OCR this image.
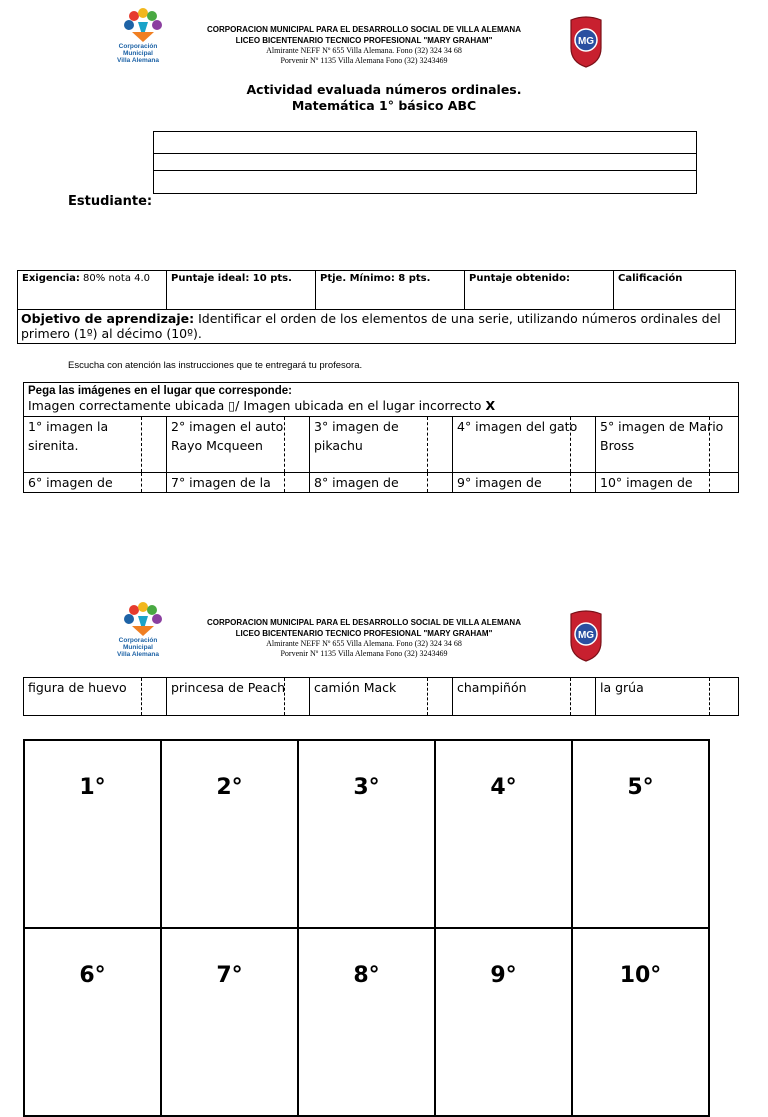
Corporación
Municipal
Villa Alemana
CORPORACION MUNICIPAL PARA EL DESARROLLO SOCIAL DE VILLA ALEMANA
LICEO BICENTENARIO TECNICO PROFESIONAL "MARY GRAHAM"
Almirante NEFF Nº 655 Villa Alemana. Fono (32) 324 34 68
Porvenir Nº 1135 Villa Alemana Fono (32) 3243469
MG
Actividad evaluada números ordinales.
Matemática 1° básico ABC
Estudiante:
Exigencia: 80% nota 4.0	Puntaje ideal: 10 pts.	Ptje. Mínimo: 8 pts.	Puntaje obtenido:	Calificación
Objetivo de aprendizaje: Identificar el orden de los elementos de una serie, utilizando números ordinales del primero (1º) al décimo (10º).
Escucha con atención las instrucciones que te entregará tu profesora.
Pega las imágenes en el lugar que corresponde:
Imagen correctamente ubicada ▯/ Imagen ubicada en el lugar incorrecto X				

1° imagen la sirenita.	2° imagen el auto Rayo Mcqueen	3° imagen de pikachu	4° imagen del gato	5° imagen de Mario Bross

6° imagen de	7° imagen de la	8° imagen de	9° imagen de	10° imagen de
Corporación
Municipal
Villa Alemana
CORPORACION MUNICIPAL PARA EL DESARROLLO SOCIAL DE VILLA ALEMANA
LICEO BICENTENARIO TECNICO PROFESIONAL "MARY GRAHAM"
Almirante NEFF Nº 655 Villa Alemana. Fono (32) 324 34 68
Porvenir Nº 1135 Villa Alemana Fono (32) 3243469
MG
figura de huevo	princesa de Peach	camión Mack	champiñón	la grúa
1°	2°	3°	4°	5°
6°	7°	8°	9°	10°
